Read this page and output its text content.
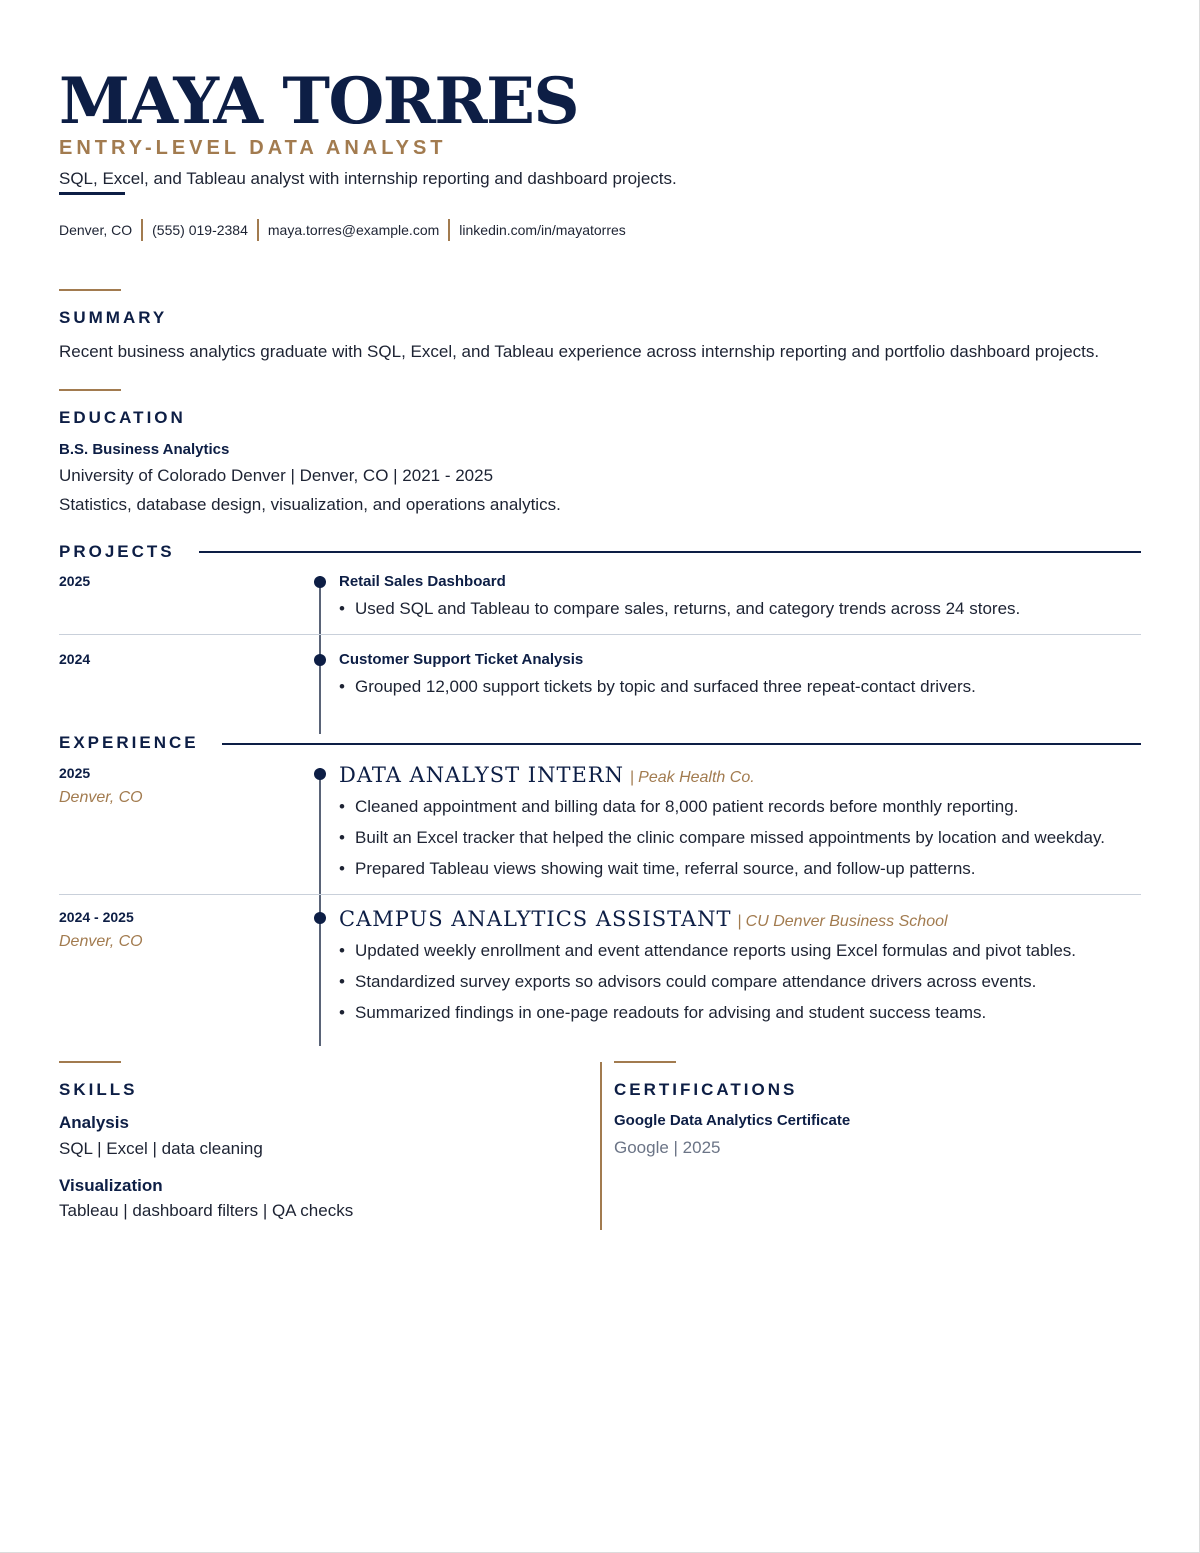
MAYA TORRES
ENTRY-LEVEL DATA ANALYST
SQL, Excel, and Tableau analyst with internship reporting and dashboard projects.
Denver, CO (555) 019-2384 maya.torres@example.com linkedin.com/in/mayatorres
SUMMARY
Recent business analytics graduate with SQL, Excel, and Tableau experience across internship reporting and portfolio dashboard projects.
EDUCATION
B.S. Business Analytics
University of Colorado Denver | Denver, CO | 2021 - 2025
Statistics, database design, visualization, and operations analytics.
PROJECTS
2025	Retail Sales Dashboard
• Used SQL and Tableau to compare sales, returns, and category trends across 24 stores.
2024	Customer Support Ticket Analysis
• Grouped 12,000 support tickets by topic and surfaced three repeat-contact drivers.
EXPERIENCE
2025
Denver, CO
DATA ANALYST INTERN | Peak Health Co.
• Cleaned appointment and billing data for 8,000 patient records before monthly reporting.
• Built an Excel tracker that helped the clinic compare missed appointments by location and weekday.
• Prepared Tableau views showing wait time, referral source, and follow-up patterns.
2024 - 2025
Denver, CO
CAMPUS ANALYTICS ASSISTANT | CU Denver Business School
• Updated weekly enrollment and event attendance reports using Excel formulas and pivot tables.
• Standardized survey exports so advisors could compare attendance drivers across events.
• Summarized findings in one-page readouts for advising and student success teams.
SKILLS
Analysis
SQL | Excel | data cleaning
Visualization
Tableau | dashboard filters | QA checks
CERTIFICATIONS
Google Data Analytics Certificate
Google | 2025
